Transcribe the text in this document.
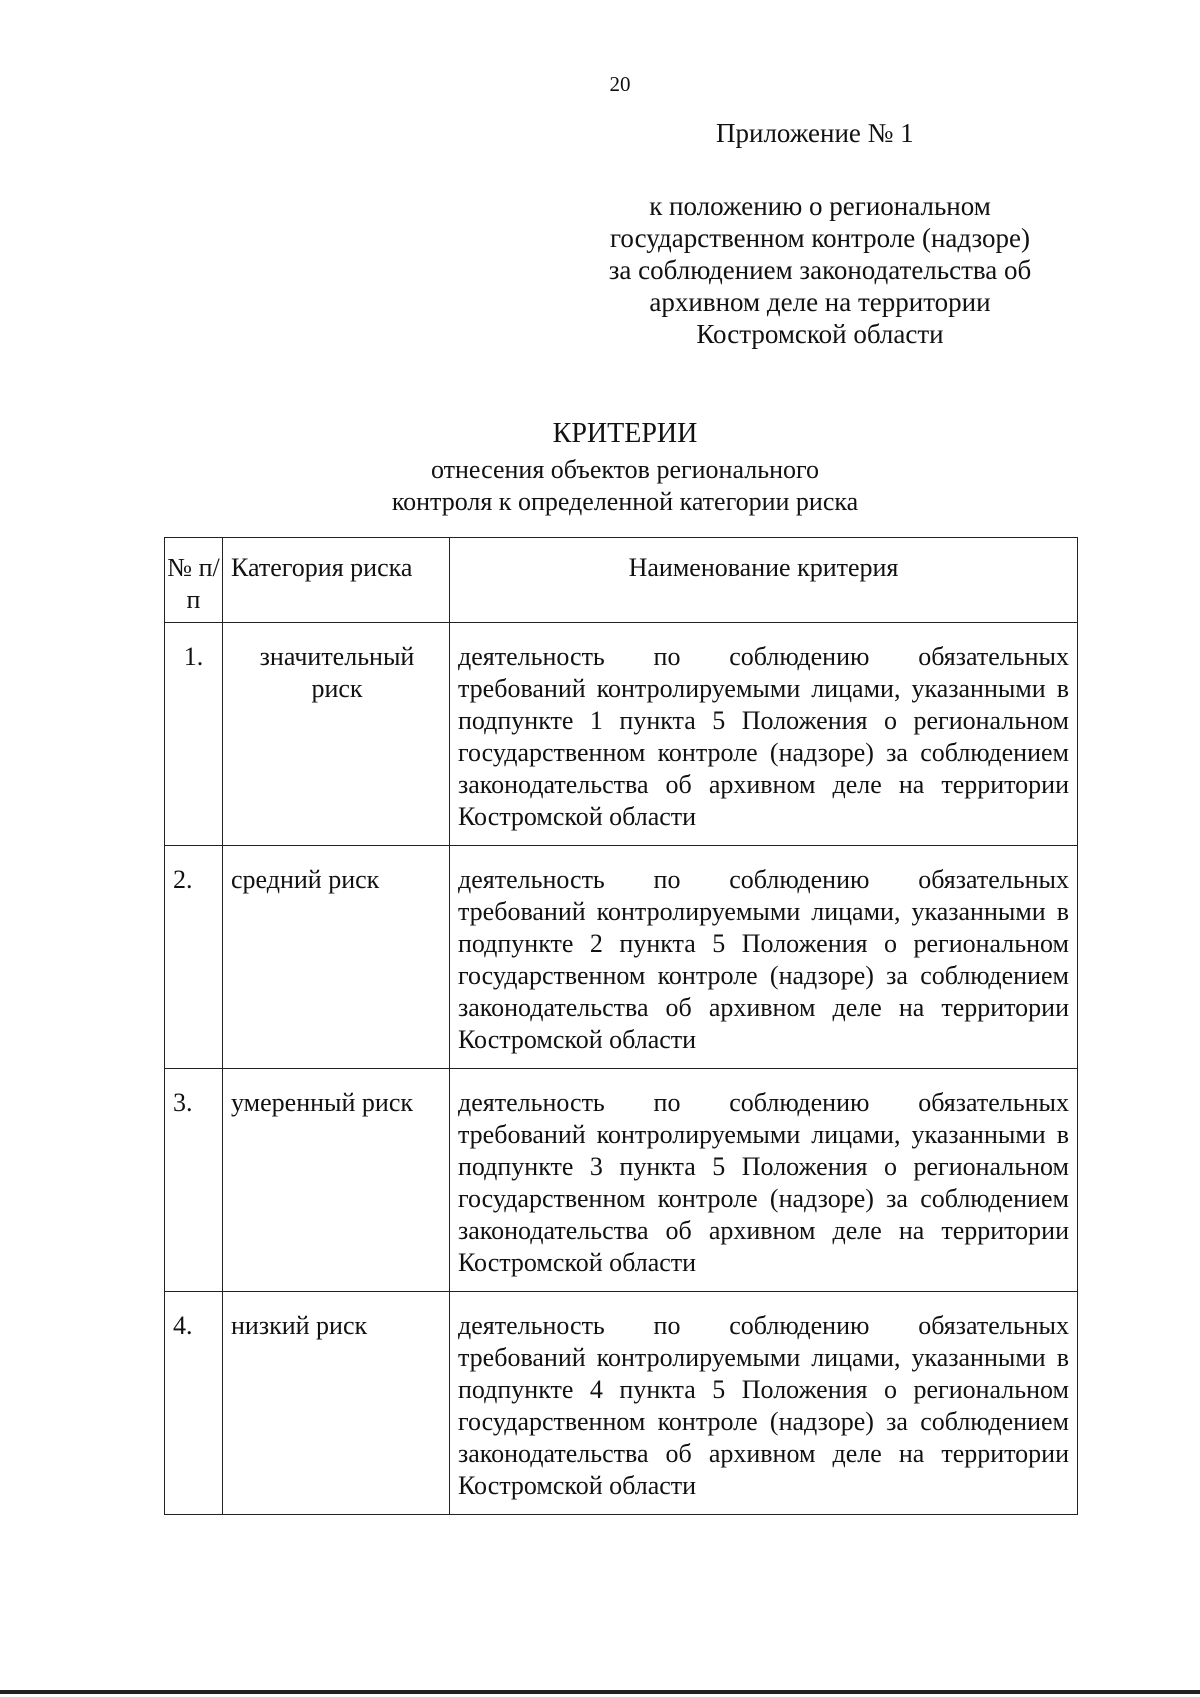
20
Приложение № 1
к положению о региональном
государственном контроле (надзоре)
за соблюдением законодательства об
архивном деле на территории
Костромской области
КРИТЕРИИ
отнесения объектов регионального
контроля к определенной категории риска
№ п/п	Категория риска	Наименование критерия
1.	значительный риск	деятельность по соблюдению обязательных требований контролируемыми лицами, указанными в подпункте 1 пункта 5 Положения о региональном государственном контроле (надзоре) за соблюдением законодательства об архивном деле на территории Костромской области
2.	средний риск	деятельность по соблюдению обязательных требований контролируемыми лицами, указанными в подпункте 2 пункта 5 Положения о региональном государственном контроле (надзоре) за соблюдением законодательства об архивном деле на территории Костромской области
3.	умеренный риск	деятельность по соблюдению обязательных требований контролируемыми лицами, указанными в подпункте 3 пункта 5 Положения о региональном государственном контроле (надзоре) за соблюдением законодательства об архивном деле на территории Костромской области
4.	низкий риск	деятельность по соблюдению обязательных требований контролируемыми лицами, указанными в подпункте 4 пункта 5 Положения о региональном государственном контроле (надзоре) за соблюдением законодательства об архивном деле на территории Костромской области
